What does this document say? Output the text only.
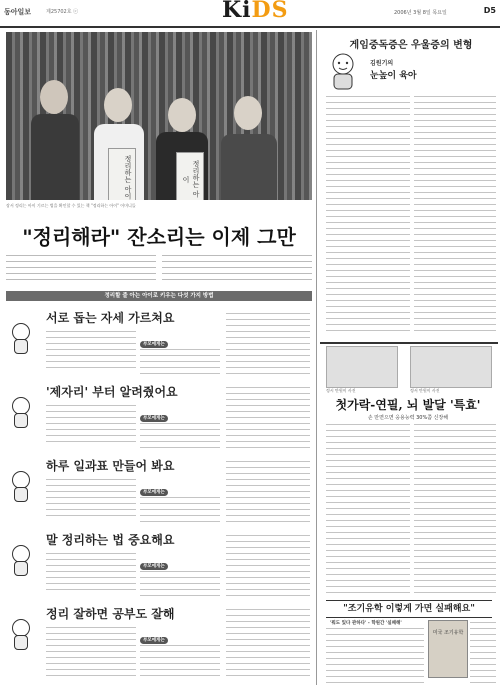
동아일보	제25702호 ⓒ	KiDS	2006년 3월 8일 목요일	D5
정리하는 아이	정리하는 아이
장서 정리는 아이 기르는 법을 확인할 수 있는 책 "정리하는 아이" 어머니들
"정리해라" 잔소리는 이제 그만
정리할 줄 아는 아이로 키우는 다섯 가지 방법
서로 돕는 자세 가르쳐요
부모에게는
'제자리' 부터 알려줬어요
부모에게는
하루 일과표 만들어 봐요
부모에게는
말 정리하는 법 중요해요
부모에게는
정리 잘하면 공부도 잘해
부모에게는
게임중독증은 우울증의 변형
김원기의
눈높이 육아
정시 만원이 사진	정서 만원이 사진
첫가락-연필, 뇌 발달 '특효'
손 만면으면 응용능력 30%쯤 신장해
"조기유학 이렇게 가면 실패해요"
'뭐도 있다 관하다' - 학원간 '실패해'
미국 조기유학
